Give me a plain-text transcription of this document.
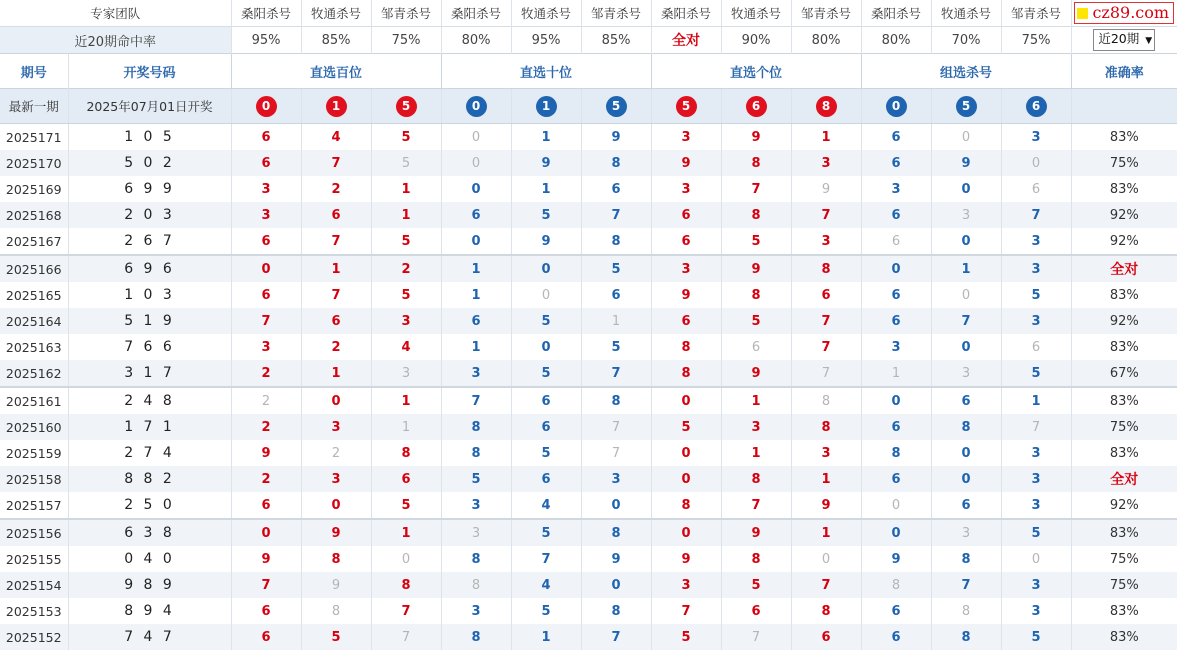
专家团队		桑阳杀号	牧通杀号	邹青杀号	桑阳杀号	牧通杀号	邹青杀号	桑阳杀号	牧通杀号	邹青杀号	桑阳杀号	牧通杀号	邹青杀号	cz89.com
近20期命中率		95%	85%	75%	80%	95%	85%	全对	90%	80%	80%	70%	75%	近20期 ▼
期号	开奖号码	直选百位			直选十位			直选个位			组选杀号			准确率
最新一期	2025年07月01日开奖	0	1	5	0	1	5	5	6	8	0	5	6	
2025171	1 0 5	6	4	5	0	1	9	3	9	1	6	0	3	83%
2025170	5 0 2	6	7	5	0	9	8	9	8	3	6	9	0	75%
2025169	6 9 9	3	2	1	0	1	6	3	7	9	3	0	6	83%
2025168	2 0 3	3	6	1	6	5	7	6	8	7	6	3	7	92%
2025167	2 6 7	6	7	5	0	9	8	6	5	3	6	0	3	92%
2025166	6 9 6	0	1	2	1	0	5	3	9	8	0	1	3	全对
2025165	1 0 3	6	7	5	1	0	6	9	8	6	6	0	5	83%
2025164	5 1 9	7	6	3	6	5	1	6	5	7	6	7	3	92%
2025163	7 6 6	3	2	4	1	0	5	8	6	7	3	0	6	83%
2025162	3 1 7	2	1	3	3	5	7	8	9	7	1	3	5	67%
2025161	2 4 8	2	0	1	7	6	8	0	1	8	0	6	1	83%
2025160	1 7 1	2	3	1	8	6	7	5	3	8	6	8	7	75%
2025159	2 7 4	9	2	8	8	5	7	0	1	3	8	0	3	83%
2025158	8 8 2	2	3	6	5	6	3	0	8	1	6	0	3	全对
2025157	2 5 0	6	0	5	3	4	0	8	7	9	0	6	3	92%
2025156	6 3 8	0	9	1	3	5	8	0	9	1	0	3	5	83%
2025155	0 4 0	9	8	0	8	7	9	9	8	0	9	8	0	75%
2025154	9 8 9	7	9	8	8	4	0	3	5	7	8	7	3	75%
2025153	8 9 4	6	8	7	3	5	8	7	6	8	6	8	3	83%
2025152	7 4 7	6	5	7	8	1	7	5	7	6	6	8	5	83%
